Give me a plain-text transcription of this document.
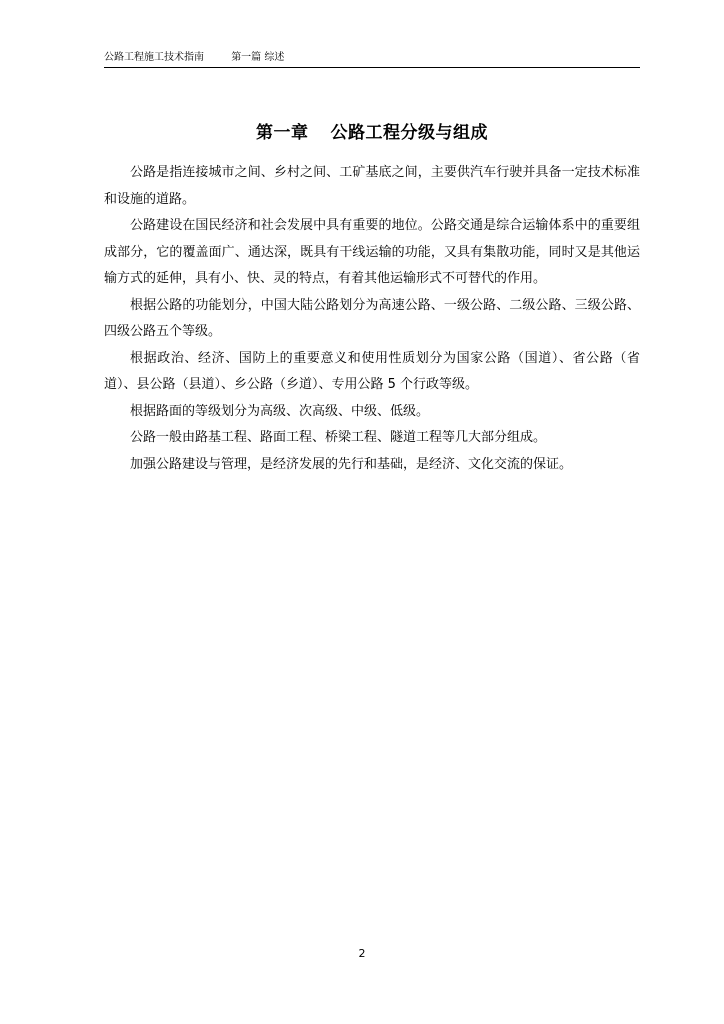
公路工程施工技术指南	第一篇 综述
第一章 公路工程分级与组成

公路是指连接城市之间、乡村之间、工矿基底之间，主要供汽车行驶并具备一定技术标准和设施的道路。

公路建设在国民经济和社会发展中具有重要的地位。公路交通是综合运输体系中的重要组成部分，它的覆盖面广、通达深，既具有干线运输的功能，又具有集散功能，同时又是其他运输方式的延伸，具有小、快、灵的特点，有着其他运输形式不可替代的作用。

根据公路的功能划分，中国大陆公路划分为高速公路、一级公路、二级公路、三级公路、四级公路五个等级。

根据政治、经济、国防上的重要意义和使用性质划分为国家公路（国道）、省公路（省道）、县公路（县道）、乡公路（乡道）、专用公路 5 个行政等级。

根据路面的等级划分为高级、次高级、中级、低级。

公路一般由路基工程、路面工程、桥梁工程、隧道工程等几大部分组成。

加强公路建设与管理，是经济发展的先行和基础，是经济、文化交流的保证。

2
